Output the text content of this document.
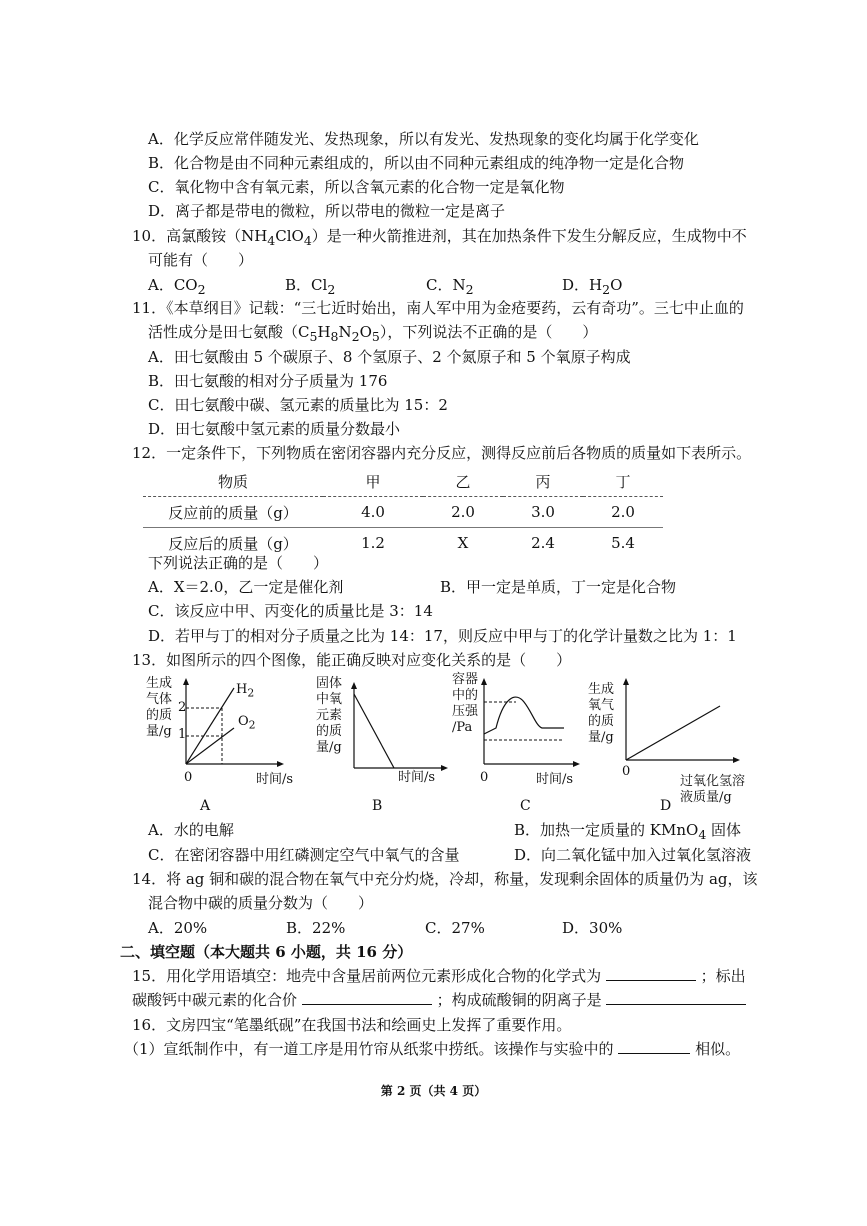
A．化学反应常伴随发光、发热现象，所以有发光、发热现象的变化均属于化学变化
B．化合物是由不同种元素组成的，所以由不同种元素组成的纯净物一定是化合物
C．氧化物中含有氧元素，所以含氧元素的化合物一定是氧化物
D．离子都是带电的微粒，所以带电的微粒一定是离子
10．高氯酸铵$(NH_4ClO_4)$是一种火箭推进剂，其在加热条件下发生分解反应，生成物中不
可能有（　　）
A．$CO_2$	B．$Cl_2$	C．$N_2$	D．$H_2O$
11．《本草纲目》记载：“三七近时始出，南人军中用为金疮要药，云有奇功”。三七中止血的
活性成分是田七氨酸$(C_5H_8N_2O_5)$，下列说法不正确的是（　　）
A．田七氨酸由 5 个碳原子、8 个氢原子、2 个氮原子和 5 个氧原子构成
B．田七氨酸的相对分子质量为 176
C．田七氨酸中碳、氢元素的质量比为 15：2
D．田七氨酸中氢元素的质量分数最小
12．一定条件下，下列物质在密闭容器内充分反应，测得反应前后各物质的质量如下表所示。
物质	甲	乙	丙	丁
反应前的质量（g）	4.0	2.0	3.0	2.0
反应后的质量（g）	1.2	X	2.4	5.4
下列说法正确的是（　　）
A．X＝2.0，乙一定是催化剂	B．甲一定是单质，丁一定是化合物
C．该反应中甲、丙变化的质量比是 3：14
D．若甲与丁的相对分子质量之比为 14：17，则反应中甲与丁的化学计量数之比为 1：1
13．如图所示的四个图像，能正确反映对应变化关系的是（　　）
生成
气体
的质
量/g
2
1
$H_2$
$O_2$
0	时间/s
A
固体
中氧
元素
的质
量/g
时间/s
B
容器
中的
压强
/Pa
0	时间/s
C
生成
氧气
的质
量/g
0
过氧化氢溶
液质量/g
D
A．水的电解	B．加热一定质量的 KMnO$_4$ 固体
C．在密闭容器中用红磷测定空气中氧气的含量	D．向二氧化锰中加入过氧化氢溶液
14．将 ag 铜和碳的混合物在氧气中充分灼烧，冷却，称量，发现剩余固体的质量仍为 ag，该
混合物中碳的质量分数为（　　）
A．20%	B．22%	C．27%	D．30%
二、填空题（本大题共 6 小题，共 16 分）
15．用化学用语填空：地壳中含量居前两位元素形成化合物的化学式为	；标出
碳酸钙中碳元素的化合价	；构成硫酸铜的阴离子是
16．文房四宝“笔墨纸砚”在我国书法和绘画史上发挥了重要作用。
（1）宣纸制作中，有一道工序是用竹帘从纸浆中捞纸。该操作与实验中的	相似。
第 2 页（共 4 页）
